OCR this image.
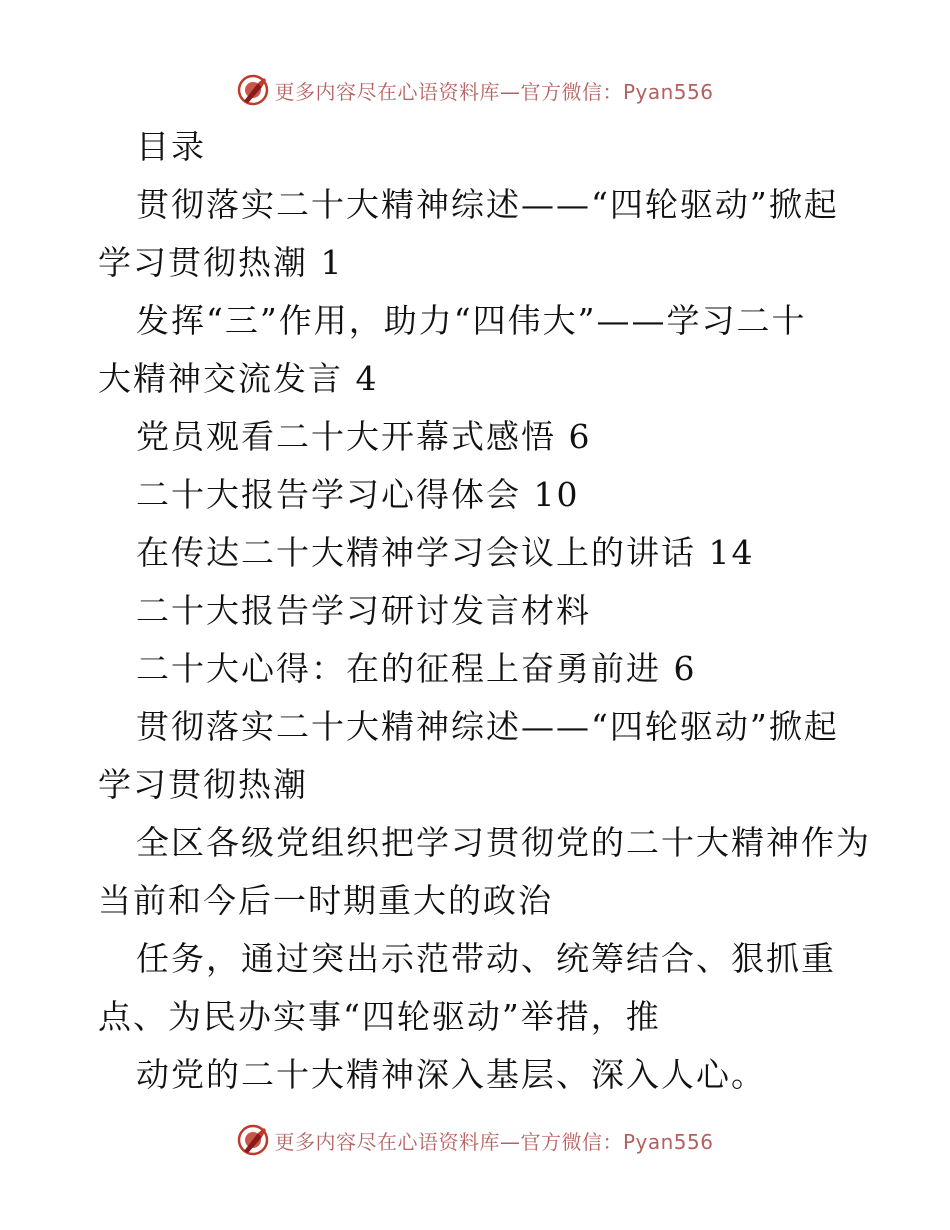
更多内容尽在心语资料库—官方微信：Pyan556
目录
贯彻落实二十大精神综述——“四轮驱动”掀起
学习贯彻热潮 1
发挥“三”作用，助力“四伟大”——学习二十
大精神交流发言 4
党员观看二十大开幕式感悟 6
二十大报告学习心得体会 10
在传达二十大精神学习会议上的讲话 14
二十大报告学习研讨发言材料
二十大心得：在的征程上奋勇前进 6
贯彻落实二十大精神综述——“四轮驱动”掀起
学习贯彻热潮
全区各级党组织把学习贯彻党的二十大精神作为
当前和今后一时期重大的政治
任务，通过突出示范带动、统筹结合、狠抓重
点、为民办实事“四轮驱动”举措，推
动党的二十大精神深入基层、深入人心。
更多内容尽在心语资料库—官方微信：Pyan556
